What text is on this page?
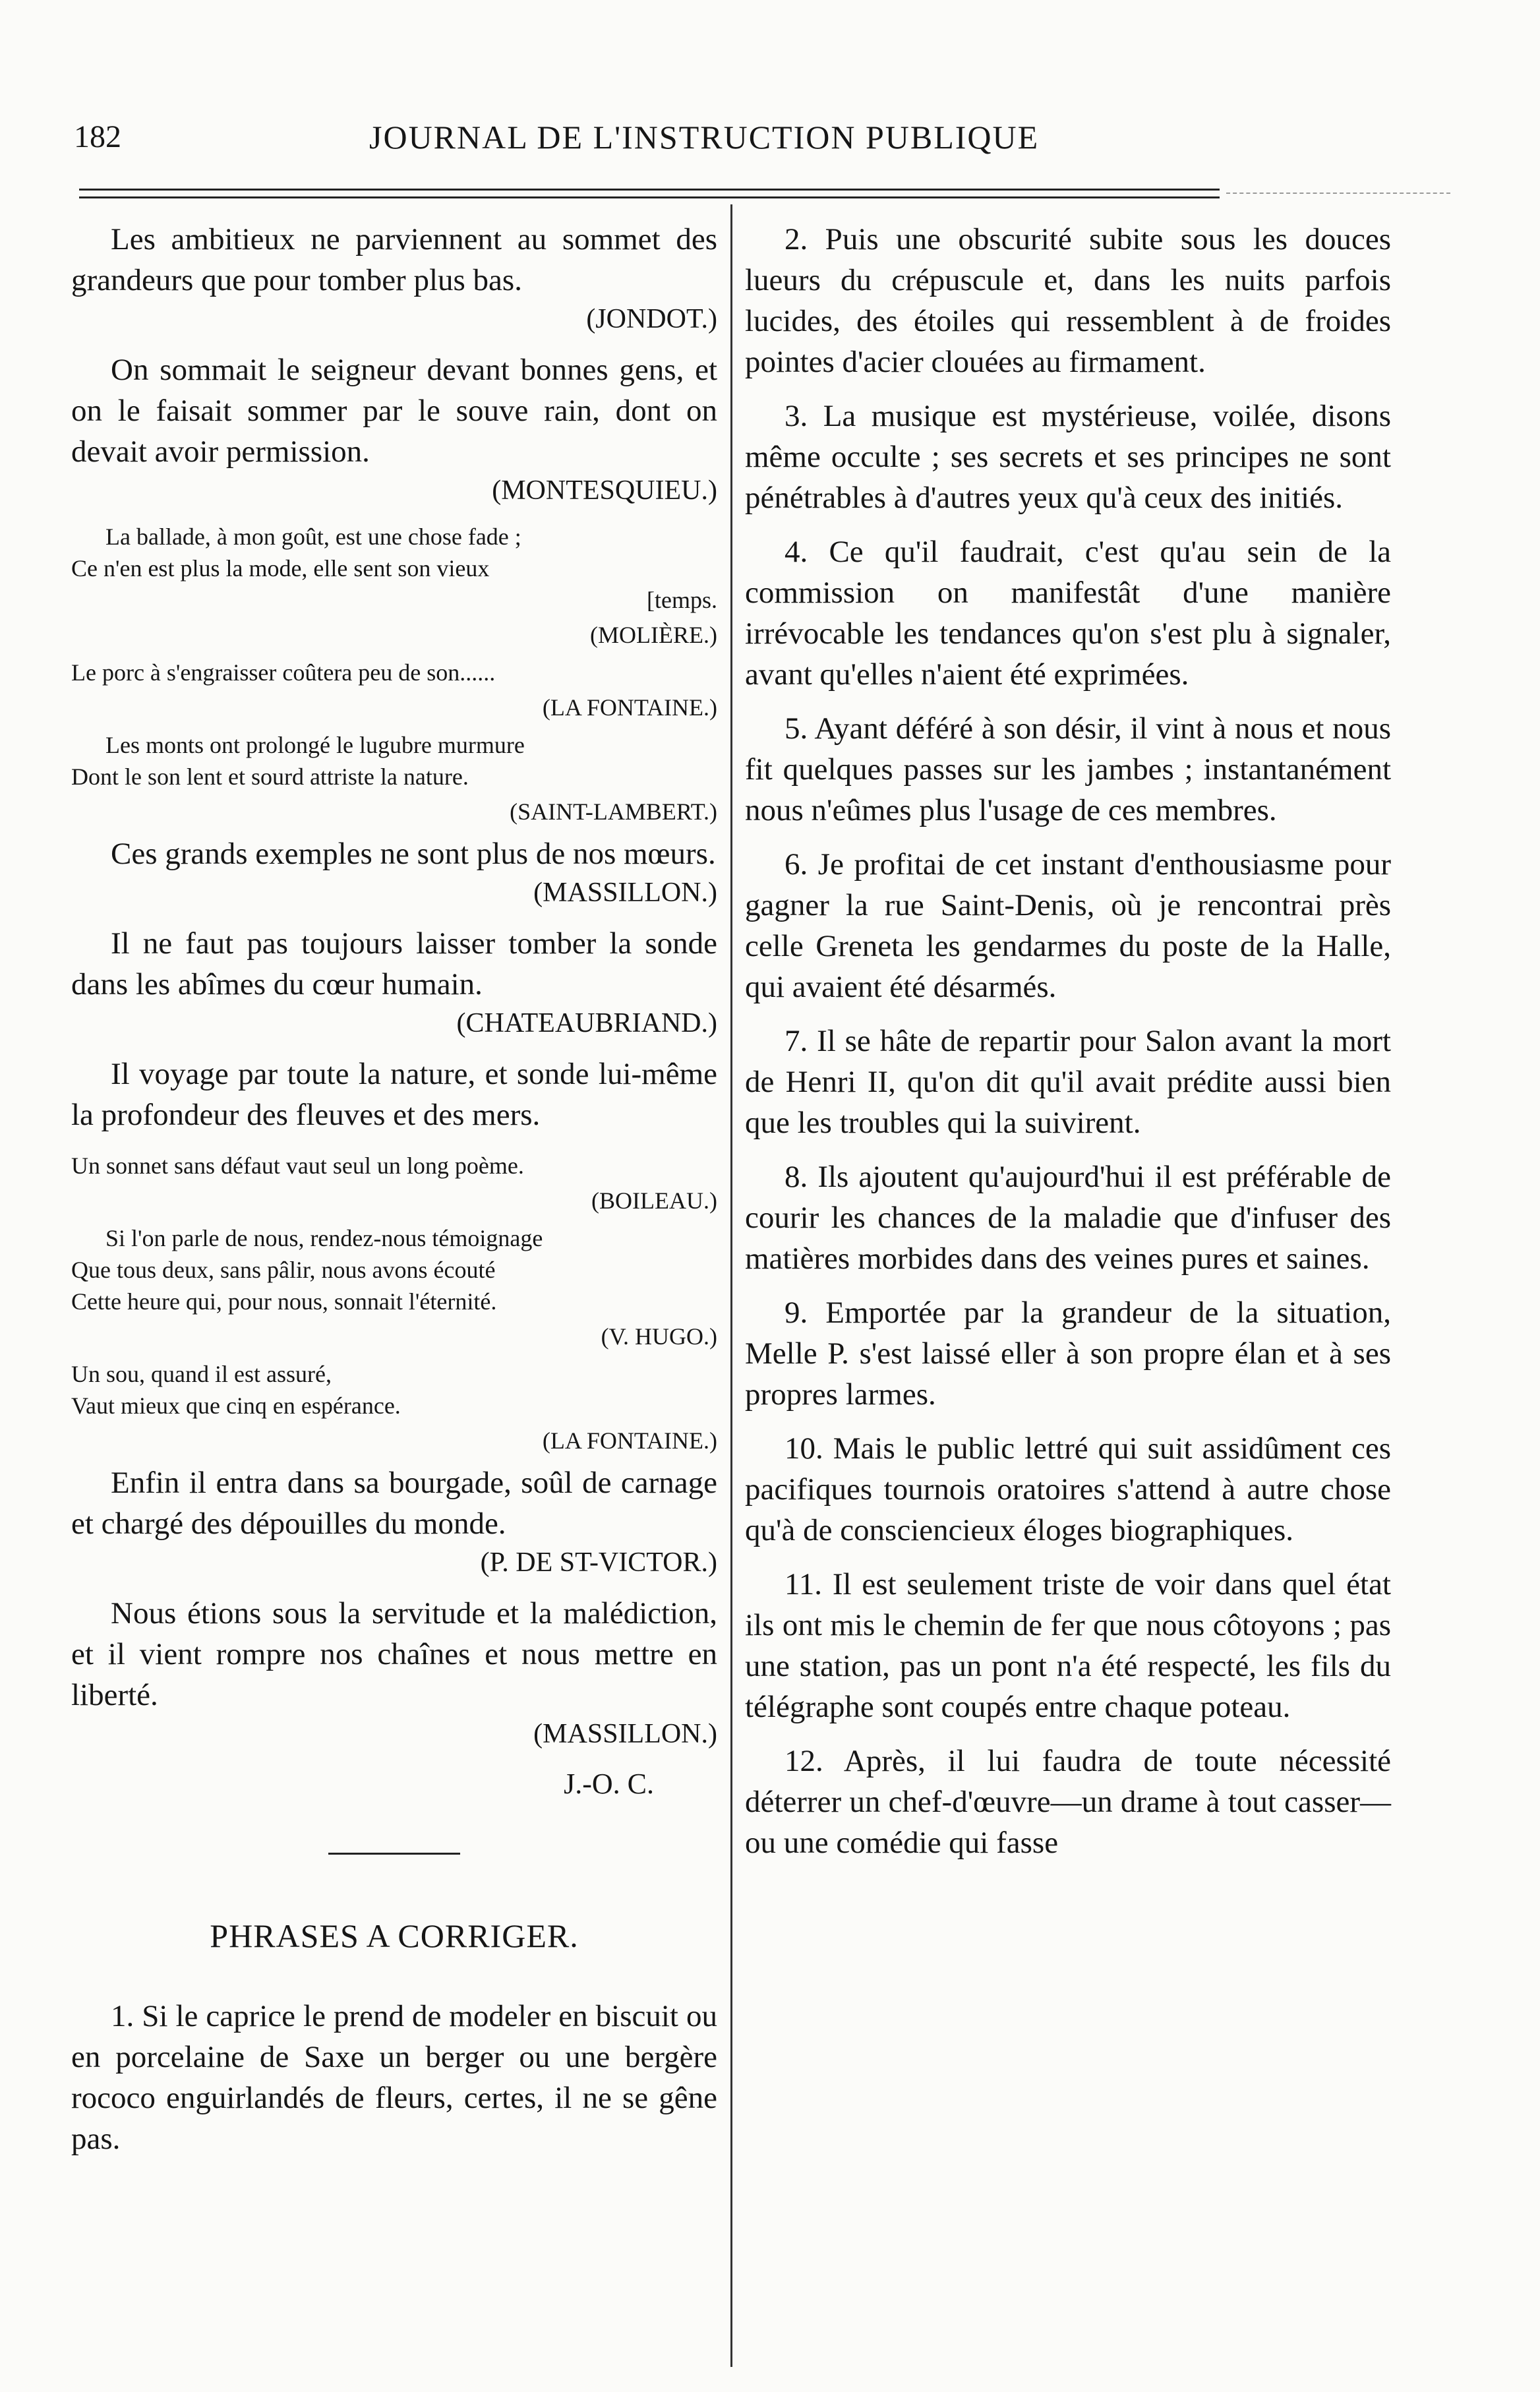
182	JOURNAL DE L'INSTRUCTION PUBLIQUE

Les ambitieux ne parviennent au sommet des grandeurs que pour tomber plus bas.

(JONDOT.)

On sommait le seigneur devant bonnes gens, et on le faisait sommer par le souve rain, dont on devait avoir permission.

(MONTESQUIEU.)

La ballade, à mon goût, est une chose fade ;

Ce n'en est plus la mode, elle sent son vieux

[temps.
(MOLIÈRE.)

Le porc à s'engraisser coûtera peu de son......

(LA FONTAINE.)

Les monts ont prolongé le lugubre murmure

Dont le son lent et sourd attriste la nature.

(SAINT-LAMBERT.)

Ces grands exemples ne sont plus de nos mœurs.

(MASSILLON.)

Il ne faut pas toujours laisser tomber la sonde dans les abîmes du cœur humain.

(CHATEAUBRIAND.)

Il voyage par toute la nature, et sonde lui-même la profondeur des fleuves et des mers.

Un sonnet sans défaut vaut seul un long poème.

(BOILEAU.)

Si l'on parle de nous, rendez-nous témoignage

Que tous deux, sans pâlir, nous avons écouté

Cette heure qui, pour nous, sonnait l'éternité.

(V. HUGO.)

Un sou, quand il est assuré,

Vaut mieux que cinq en espérance.

(LA FONTAINE.)

Enfin il entra dans sa bourgade, soûl de carnage et chargé des dépouilles du monde.

(P. DE ST-VICTOR.)

Nous étions sous la servitude et la malédiction, et il vient rompre nos chaînes et nous mettre en liberté.

(MASSILLON.)
J.-O. C.
PHRASES A CORRIGER.

1. Si le caprice le prend de modeler en biscuit ou en porcelaine de Saxe un berger ou une bergère rococo enguirlandés de fleurs, certes, il ne se gêne pas.

2. Puis une obscurité subite sous les douces lueurs du crépuscule et, dans les nuits parfois lucides, des étoiles qui ressemblent à de froides pointes d'acier clouées au firmament.

3. La musique est mystérieuse, voilée, disons même occulte ; ses secrets et ses principes ne sont pénétrables à d'autres yeux qu'à ceux des initiés.

4. Ce qu'il faudrait, c'est qu'au sein de la commission on manifestât d'une manière irrévocable les tendances qu'on s'est plu à signaler, avant qu'elles n'aient été exprimées.

5. Ayant déféré à son désir, il vint à nous et nous fit quelques passes sur les jambes ; instantanément nous n'eûmes plus l'usage de ces membres.

6. Je profitai de cet instant d'enthousiasme pour gagner la rue Saint-Denis, où je rencontrai près celle Greneta les gendarmes du poste de la Halle, qui avaient été désarmés.

7. Il se hâte de repartir pour Salon avant la mort de Henri II, qu'on dit qu'il avait prédite aussi bien que les troubles qui la suivirent.

8. Ils ajoutent qu'aujourd'hui il est préférable de courir les chances de la maladie que d'infuser des matières morbides dans des veines pures et saines.

9. Emportée par la grandeur de la situation, Melle P. s'est laissé eller à son propre élan et à ses propres larmes.

10. Mais le public lettré qui suit assidûment ces pacifiques tournois oratoires s'attend à autre chose qu'à de consciencieux éloges biographiques.

11. Il est seulement triste de voir dans quel état ils ont mis le chemin de fer que nous côtoyons ; pas une station, pas un pont n'a été respecté, les fils du télégraphe sont coupés entre chaque poteau.

12. Après, il lui faudra de toute nécessité déterrer un chef-d'œuvre—un drame à tout casser— ou une comédie qui fasse
